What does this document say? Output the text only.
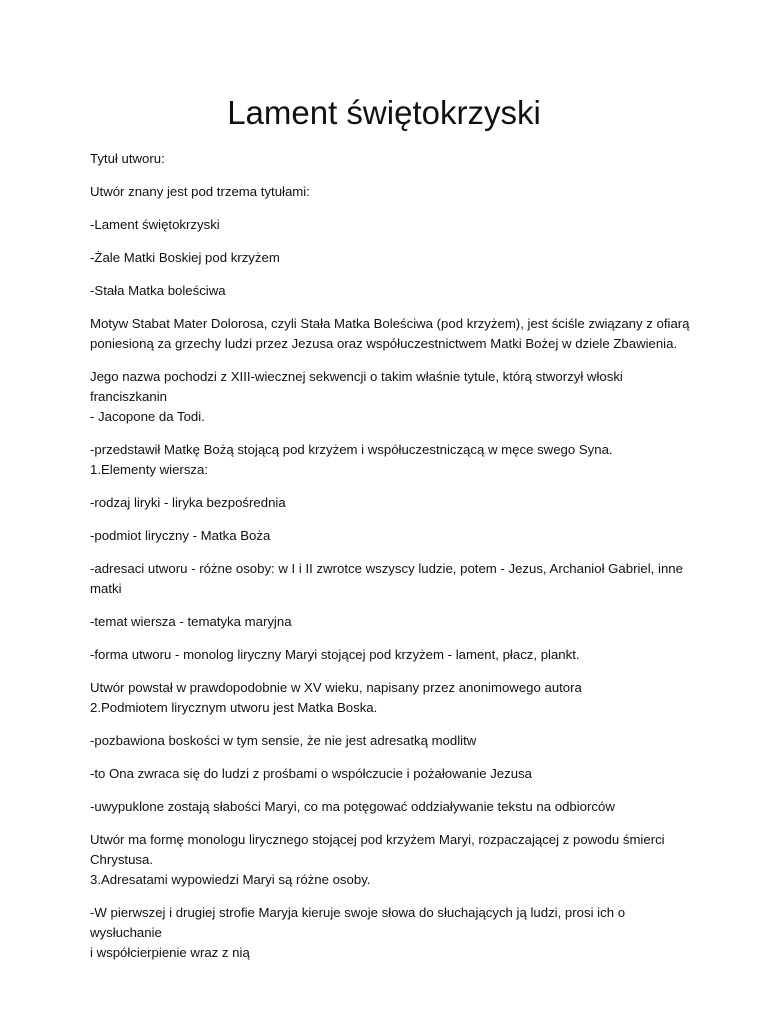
Lament świętokrzyski

Tytuł utworu:

Utwór znany jest pod trzema tytułami:

-Lament świętokrzyski

-Żale Matki Boskiej pod krzyżem

-Stała Matka boleściwa

Motyw Stabat Mater Dolorosa, czyli Stała Matka Boleściwa (pod krzyżem), jest ściśle związany z ofiarą
poniesioną za grzechy ludzi przez Jezusa oraz współuczestnictwem Matki Bożej w dziele Zbawienia.

Jego nazwa pochodzi z XIII-wiecznej sekwencji o takim właśnie tytule, którą stworzył włoski franciszkanin
- Jacopone da Todi.

-przedstawił Matkę Bożą stojącą pod krzyżem i współuczestniczącą w męce swego Syna.
1.Elementy wiersza:

-rodzaj liryki - liryka bezpośrednia

-podmiot liryczny - Matka Boża

-adresaci utworu - różne osoby: w I i II zwrotce wszyscy ludzie, potem - Jezus, Archanioł Gabriel, inne
matki

-temat wiersza - tematyka maryjna

-forma utworu - monolog liryczny Maryi stojącej pod krzyżem - lament, płacz, plankt.

Utwór powstał w prawdopodobnie w XV wieku, napisany przez anonimowego autora
2.Podmiotem lirycznym utworu jest Matka Boska.

-pozbawiona boskości w tym sensie, że nie jest adresatką modlitw

-to Ona zwraca się do ludzi z prośbami o współczucie i pożałowanie Jezusa

-uwypuklone zostają słabości Maryi, co ma potęgować oddziaływanie tekstu na odbiorców

Utwór ma formę monologu lirycznego stojącej pod krzyżem Maryi, rozpaczającej z powodu śmierci
Chrystusa.
3.Adresatami wypowiedzi Maryi są różne osoby.

-W pierwszej i drugiej strofie Maryja kieruje swoje słowa do słuchających ją ludzi, prosi ich o wysłuchanie
i współcierpienie wraz z nią
